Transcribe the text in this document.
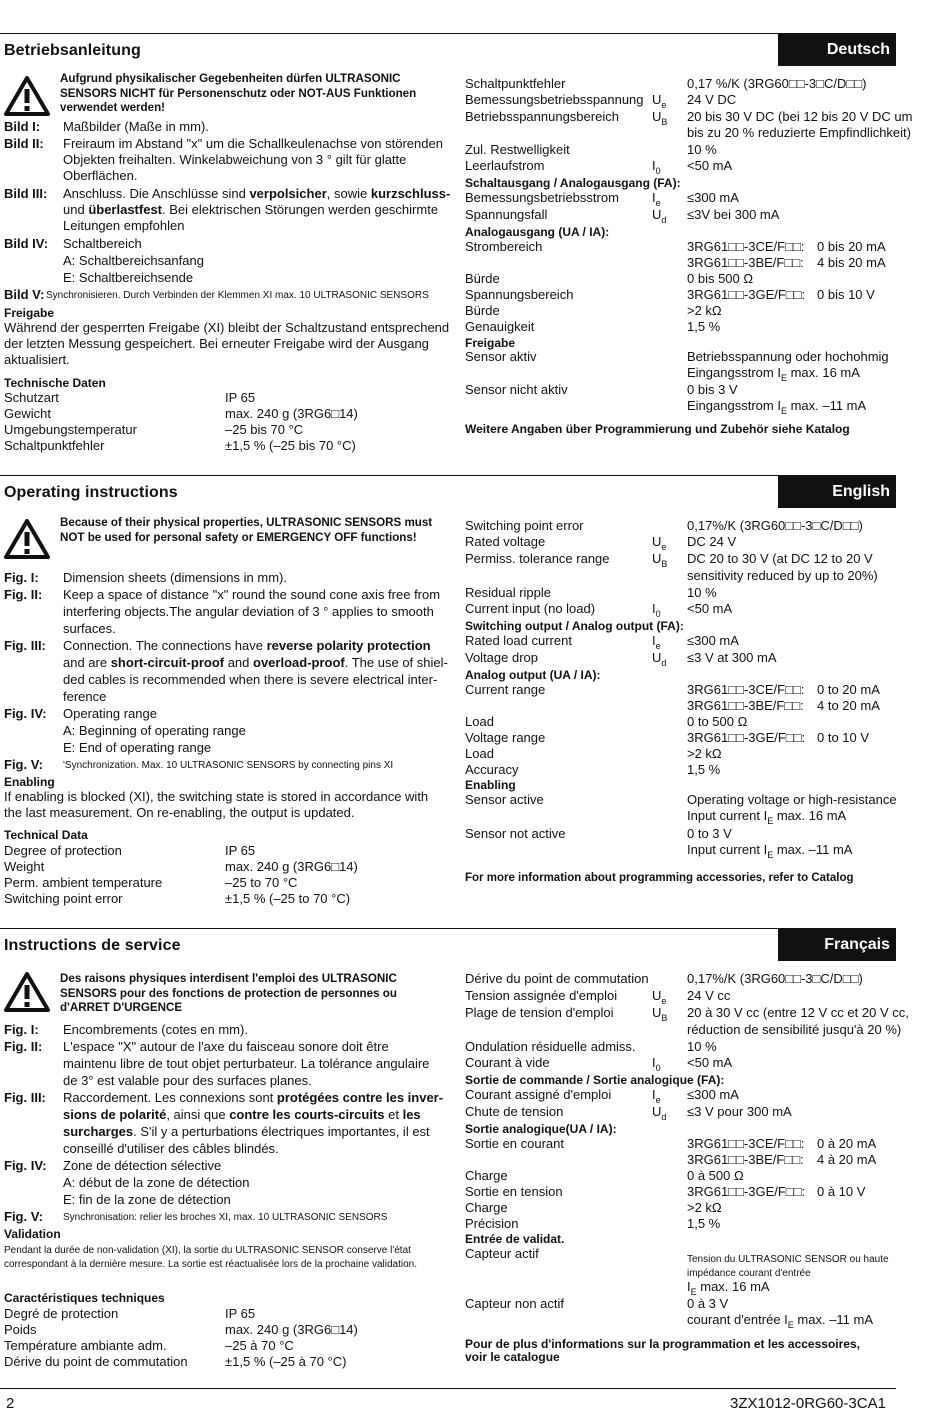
Betriebsanleitung	Deutsch
Aufgrund physikalischer Gegebenheiten dürfen ULTRASONIC SENSORS NICHT für Personenschutz oder NOT-AUS Funktionen verwendet werden!
Bild I: Maßbilder (Maße in mm).
Bild II: Freiraum im Abstand "x" um die Schallkeulenachse von störenden
Objekten freihalten. Winkelabweichung von 3 ° gilt für glatte
Oberflächen.
Bild III: Anschluss. Die Anschlüsse sind verpolsicher, sowie kurzschluss-
und überlastfest. Bei elektrischen Störungen werden geschirmte
Leitungen empfohlen
Bild IV: Schaltbereich
A: Schaltbereichsanfang
E: Schaltbereichsende
Bild V: Synchronisieren. Durch Verbinden der Klemmen XI max. 10 ULTRASONIC SENSORS
Freigabe
Während der gesperrten Freigabe (XI) bleibt der Schaltzustand entsprechend
der letzten Messung gespeichert. Bei erneuter Freigabe wird der Ausgang
aktualisiert.
Technische Daten
Schutzart	IP 65
Gewicht	max. 240 g (3RG6□14)
Umgebungstemperatur	–25 bis 70 °C
Schaltpunktfehler	±1,5 % (–25 bis 70 °C)
Schaltpunktfehler	0,17 %/K (3RG60□□-3□C/D□□)
Bemessungsbetriebsspannung $U_e$ 24 V DC
Betriebsspannungsbereich	$U_B$ 20 bis 30 V DC (bei 12 bis 20 V DC um
bis zu 20 % reduzierte Empfindlichkeit)
Zul. Restwelligkeit	10 %
Leerlaufstrom	$I_0 <50$ mA
Schaltausgang / Analogausgang (FA):
Bemessungsbetriebsstrom	$I_e \le 300$ mA
Spannungsfall	$U_d \le 3V$ bei 300 mA
Analogausgang (UA / IA):
Strombereich	3RG61□□-3CE/F□□: 0 bis 20 mA
3RG61□□-3BE/F□□: 4 bis 20 mA
Bürde	0 bis 500 Ω
Spannungsbereich	3RG61□□-3GE/F□□: 0 bis 10 V
Bürde	>2 kΩ
Genauigkeit	1,5 %
Freigabe
Sensor aktiv	Betriebsspannung oder hochohmig
Eingangsstrom $I_E$ max. 16 mA
Sensor nicht aktiv	0 bis 3 V
Eingangsstrom $I_E$ max. –11 mA
Weitere Angaben über Programmierung und Zubehör siehe Katalog
Operating instructions	English
Because of their physical properties, ULTRASONIC SENSORS must NOT be used for personal safety or EMERGENCY OFF functions!
Fig. I: Dimension sheets (dimensions in mm).
Fig. II: Keep a space of distance "x" round the sound cone axis free from
interfering objects.The angular deviation of 3 ° applies to smooth
surfaces.
Fig. III: Connection. The connections have reverse polarity protection
and are short-circuit-proof and overload-proof. The use of shiel-
ded cables is recommended when there is severe electrical inter-
ference
Fig. IV: Operating range
A: Beginning of operating range
E: End of operating range
Fig. V: 'Synchronization. Max. 10 ULTRASONIC SENSORS by connecting pins XI
Enabling
If enabling is blocked (XI), the switching state is stored in accordance with
the last measurement. On re-enabling, the output is updated.
Technical Data
Degree of protection	IP 65
Weight	max. 240 g (3RG6□14)
Perm. ambient temperature	–25 to 70 °C
Switching point error	±1,5 % (–25 to 70 °C)
Switching point error	0,17%/K (3RG60□□-3□C/D□□)
Rated voltage	$U_e$ DC 24 V
Permiss. tolerance range	$U_B$ DC 20 to 30 V (at DC 12 to 20 V
sensitivity reduced by up to 20%)
Residual ripple	10 %
Current input (no load)	$I_0 <50$ mA
Switching output / Analog output (FA):
Rated load current	$I_e \le 300$ mA
Voltage drop	$U_d \le 3$ V at 300 mA
Analog output (UA / IA):
Current range	3RG61□□-3CE/F□□: 0 to 20 mA
3RG61□□-3BE/F□□: 4 to 20 mA
Load	0 to 500 Ω
Voltage range	3RG61□□-3GE/F□□: 0 to 10 V
Load	>2 kΩ
Accuracy	1,5 %
Enabling
Sensor active	Operating voltage or high-resistance
Input current $I_E$ max. 16 mA
Sensor not active	0 to 3 V
Input current $I_E$ max. –11 mA
For more information about programming accessories, refer to Catalog
Instructions de service	Français
Des raisons physiques interdisent l'emploi des ULTRASONIC SENSORS pour des fonctions de protection de personnes ou d'ARRET D'URGENCE
Fig. I: Encombrements (cotes en mm).
Fig. II: L'espace "X" autour de l'axe du faisceau sonore doit être
maintenu libre de tout objet perturbateur. La tolérance angulaire
de 3° est valable pour des surfaces planes.
Fig. III: Raccordement. Les connexions sont protégées contre les inver-
sions de polarité, ainsi que contre les courts-circuits et les
surcharges. S'il y a perturbations électriques importantes, il est
conseillé d'utiliser des câbles blindés.
Fig. IV: Zone de détection sélective
A: début de la zone de détection
E: fin de la zone de détection
Fig. V: Synchronisation: relier les broches XI, max. 10 ULTRASONIC SENSORS
Validation
Pendant la durée de non-validation (XI), la sortie du ULTRASONIC SENSOR conserve l'état
correspondant à la dernière mesure. La sortie est réactualisée lors de la prochaine validation.
Caractéristiques techniques
Degré de protection	IP 65
Poids	max. 240 g (3RG6□14)
Température ambiante adm.	–25 à 70 °C
Dérive du point de commutation	±1,5 % (–25 à 70 °C)
Dérive du point de commutation	0,17%/K (3RG60□□-3□C/D□□)
Tension assignée d'emploi	$U_e$ 24 V cc
Plage de tension d'emploi	$U_B$ 20 à 30 V cc (entre 12 V cc et 20 V cc,
réduction de sensibilité jusqu'à 20 %)
Ondulation résiduelle admiss.	10 %
Courant à vide	$I_0 <50$ mA
Sortie de commande / Sortie analogique (FA):
Courant assigné d'emploi	$I_e \le 300$ mA
Chute de tension	$U_d \le 3$ V pour 300 mA
Sortie analogique(UA / IA):
Sortie en courant	3RG61□□-3CE/F□□: 0 à 20 mA
3RG61□□-3BE/F□□: 4 à 20 mA
Charge	0 à 500 Ω
Sortie en tension	3RG61□□-3GE/F□□: 0 à 10 V
Charge	>2 kΩ
Précision	1,5 %
Entrée de validat.
Capteur actif	Tension du ULTRASONIC SENSOR ou haute
impédance courant d'entrée
$I_E$ max. 16 mA
Capteur non actif	0 à 3 V
courant d'entrée $I_E$ max. –11 mA
Pour de plus d'informations sur la programmation et les accessoires,
voir le catalogue
2	3ZX1012-0RG60-3CA1
